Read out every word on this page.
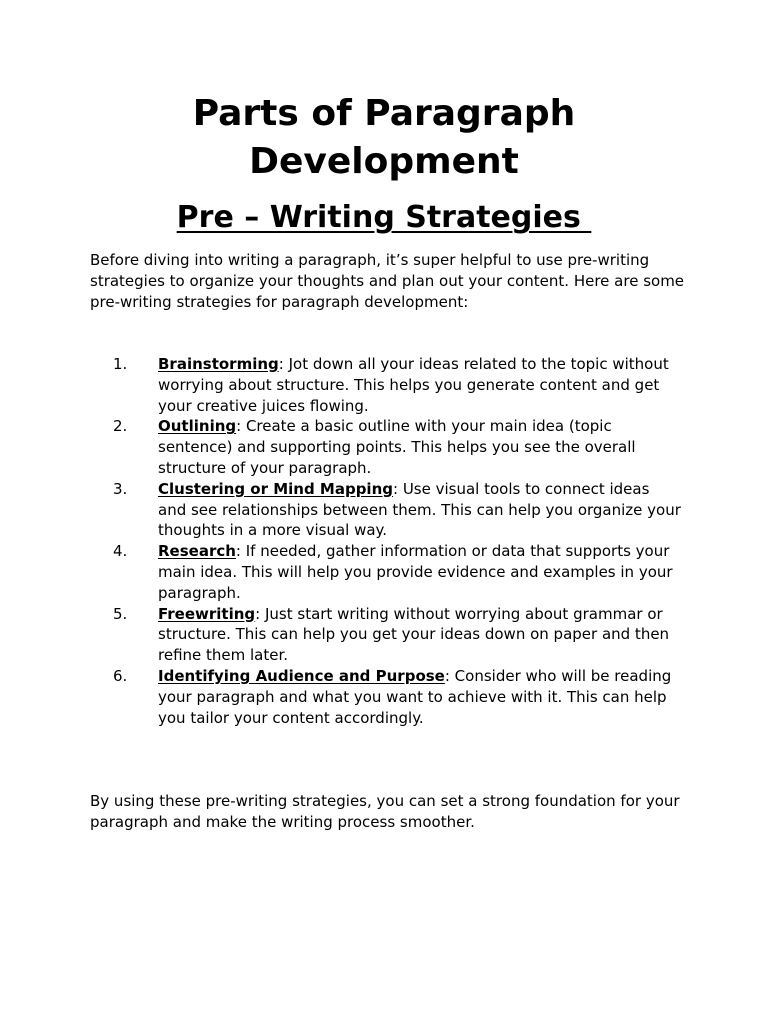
Parts of Paragraph
Development
Pre – Writing Strategies

Before diving into writing a paragraph, it’s super helpful to use pre-writing strategies to organize your thoughts and plan out your content. Here are some pre-writing strategies for paragraph development:

1. Brainstorming: Jot down all your ideas related to the topic without worrying about structure. This helps you generate content and get your creative juices flowing.
2. Outlining: Create a basic outline with your main idea (topic sentence) and supporting points. This helps you see the overall structure of your paragraph.
3. Clustering or Mind Mapping: Use visual tools to connect ideas and see relationships between them. This can help you organize your thoughts in a more visual way.
4. Research: If needed, gather information or data that supports your main idea. This will help you provide evidence and examples in your paragraph.
5. Freewriting: Just start writing without worrying about grammar or structure. This can help you get your ideas down on paper and then refine them later.
6. Identifying Audience and Purpose: Consider who will be reading your paragraph and what you want to achieve with it. This can help you tailor your content accordingly.

By using these pre-writing strategies, you can set a strong foundation for your paragraph and make the writing process smoother.
